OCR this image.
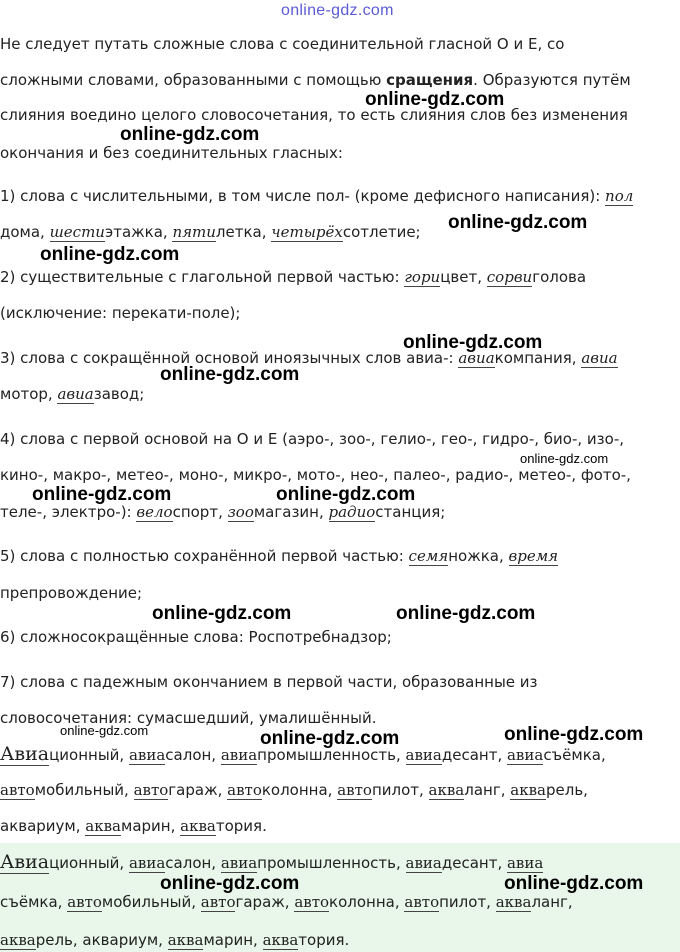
online-gdz.com
Не следует путать сложные слова с соединительной гласной О и Е, со
сложными словами, образованными с помощью сращения. Образуются путём
слияния воедино целого словосочетания, то есть слияния слов без изменения
окончания и без соединительных гласных:
1) слова с числительными, в том числе пол- (кроме дефисного написания): пол
дома, шестиэтажка, пятилетка, четырёхсотлетие;
2) существительные с глагольной первой частью: горицвет, сорвиголова
(исключение: перекати-поле);
3) слова с сокращённой основой иноязычных слов авиа-: авиакомпания, авиа
мотор, авиазавод;
4) слова с первой основой на О и Е (аэро-, зоо-, гелио-, гео-, гидро-, био-, изо-,
кино-, макро-, метео-, моно-, микро-, мото-, нео-, палео-, радио-, метео-, фото-,
теле-, электро-): велоспорт, зоомагазин, радиостанция;
5) слова с полностью сохранённой первой частью: семяножка, время
препровождение;
6) сложносокращённые слова: Роспотребнадзор;
7) слова с падежным окончанием в первой части, образованные из
словосочетания: сумасшедший, умалишённый.
Авиационный, авиасалон, авиапромышленность, авиадесант, авиасъёмка,
автомобильный, автогараж, автоколонна, автопилот, акваланг, акварель,
аквариум, аквамарин, акватория.
Авиационный, авиасалон, авиапромышленность, авиадесант, авиа
съёмка, автомобильный, автогараж, автоколонна, автопилот, акваланг,
акварель, аквариум, аквамарин, акватория.
online-gdz.com
online-gdz.com
online-gdz.com
online-gdz.com
online-gdz.com
online-gdz.com
online-gdz.com
online-gdz.com	online-gdz.com
online-gdz.com	online-gdz.com
online-gdz.com
online-gdz.com	online-gdz.com
online-gdz.com	online-gdz.com
